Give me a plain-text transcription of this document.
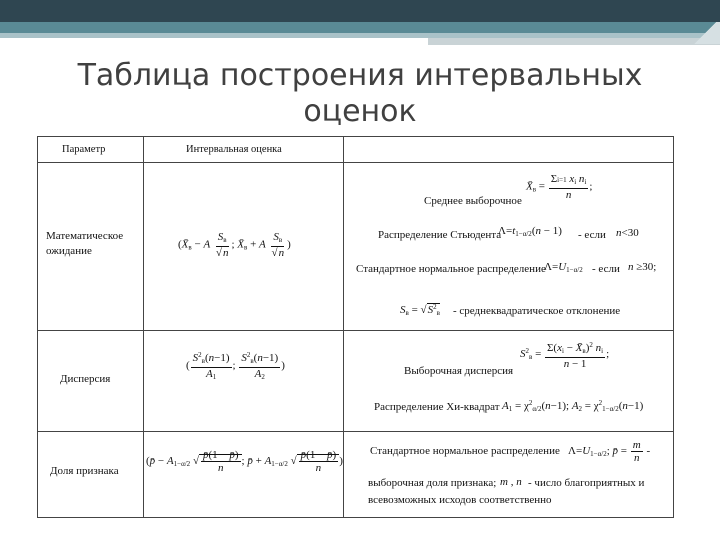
Таблица построения интервальных оценок
Параметр	Интервальная оценка
Математическое
ожидание
($X̄_в - A \frac{S_в}{√n}$ ; $X̄_в + A \frac{S_в}{√n}$ )
Среднее выборочное
$X̄_в = \frac{\Sigma i=1 x_i n_i}{n}$ ;
Распределение Стьюдента
$\Lambda=t_{1-\alpha/2}(n - 1)$ - если n<30
Стандартное нормальное распределение
$\Lambda=U_{1-\alpha/2}$ - если n ≥30;
$S_в = √S^2_в$ - среднеквадратическое отклонение
Дисперсия
( $\frac{S^2_в(n-1)}{A_1}$ ; $\frac{S^2_в(n-1)}{A_2}$ )	Выборочная дисперсия
$S^2_в = \frac{\Sigma(x_i - X̄_в)^2 n_i}{n - 1}$ ;
Распределение Хи-квадрат $A_1 = \chi^2_{\alpha/2}(n-1)$; $A_2 = \chi^2_{1-\alpha/2}(n-1)$
Доля признака
(p̄ − $A_{1-\alpha/2}$ √ $\frac{p̄(1 - p̄)}{n}$ ; p̄ + $A_{1-\alpha/2}$ √ $\frac{p̄(1 - p̄)}{n}$ )
Стандартное нормальное распределение $\Lambda=U_{1-\alpha/2}$; p̄ = $\frac{m}{n}$ -
выборочная доля признака; m , n - число благоприятных и
всевозможных исходов соответственно
